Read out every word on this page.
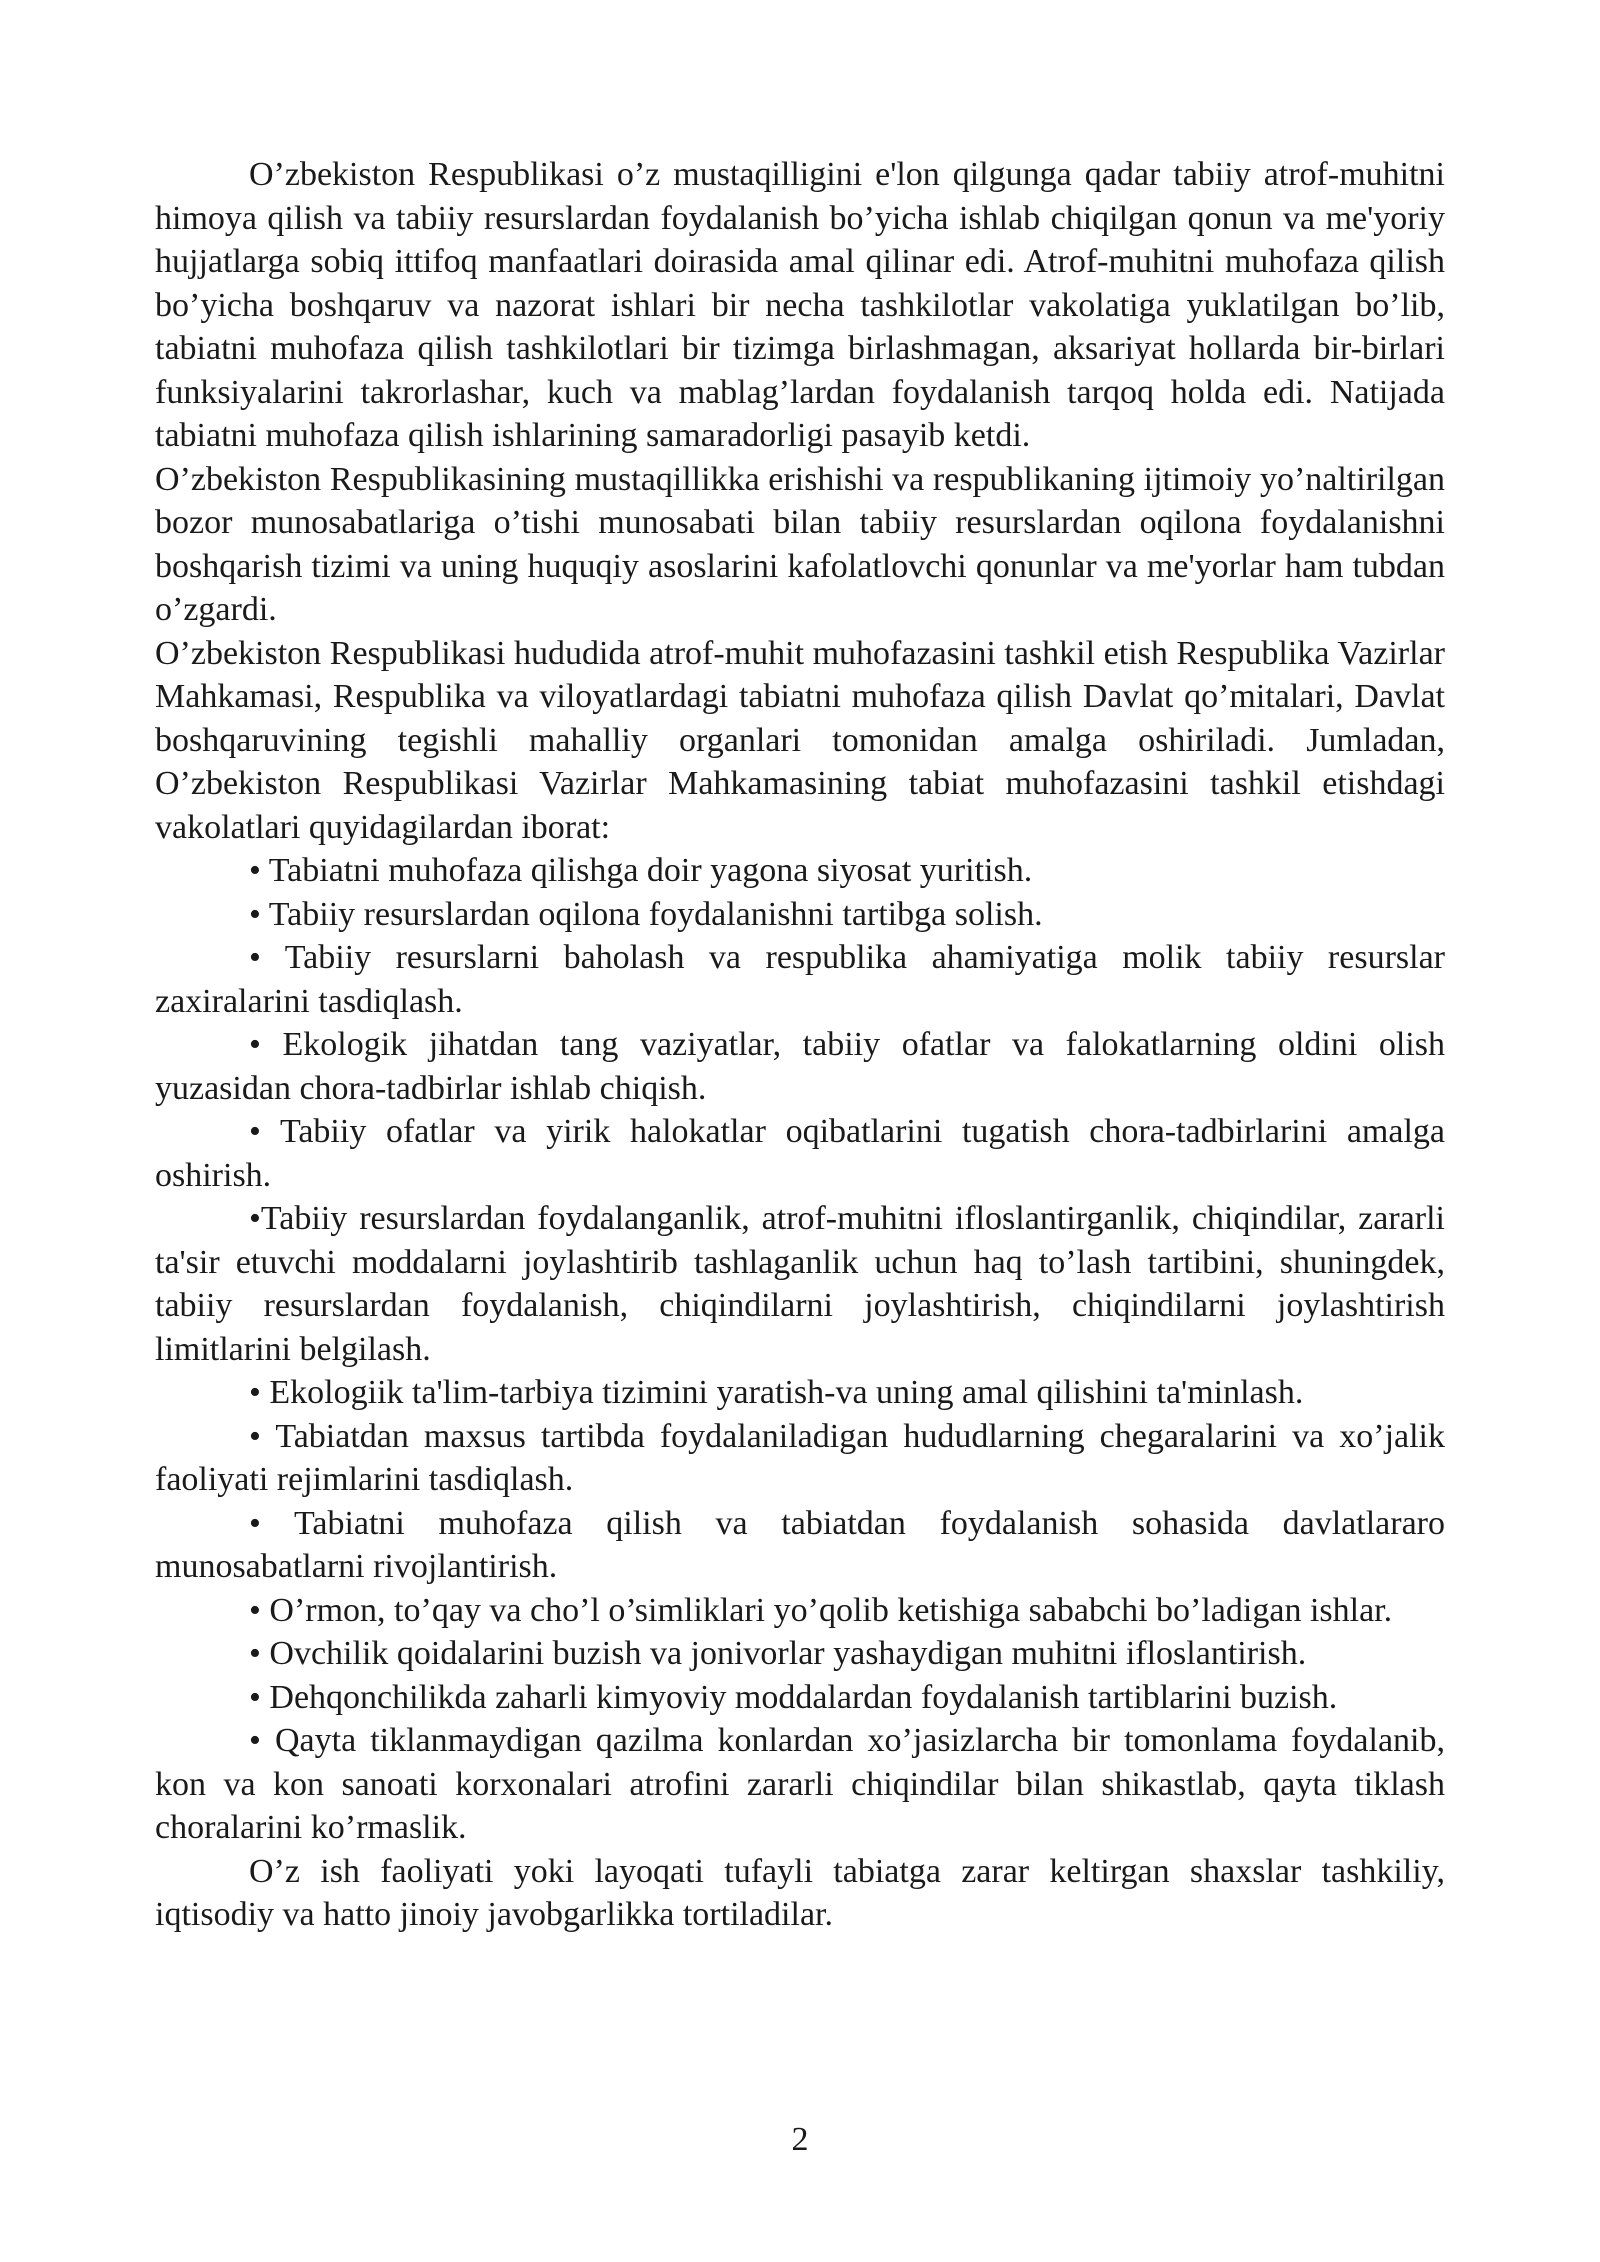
O’zbekiston Respublikasi o’z mustaqilligini e'lon qilgunga qadar tabiiy atrof-muhitni himoya qilish va tabiiy resurslardan foydalanish bo’yicha ishlab chiqilgan qonun va me'yoriy hujjatlarga sobiq ittifoq manfaatlari doirasida amal qilinar edi. Atrof-muhitni muhofaza qilish bo’yicha boshqaruv va nazorat ishlari bir necha tashkilotlar vakolatiga yuklatilgan bo’lib, tabiatni muhofaza qilish tashkilotlari bir tizimga birlashmagan, aksariyat hollarda bir-birlari funksiyalarini takrorlashar, kuch va mablag’lardan foydalanish tarqoq holda edi. Natijada tabiatni muhofaza qilish ishlarining samaradorligi pasayib ketdi.

O’zbekiston Respublikasining mustaqillikka erishishi va respublikaning ijtimoiy yo’naltirilgan bozor munosabatlariga o’tishi munosabati bilan tabiiy resurslardan oqilona foydalanishni boshqarish tizimi va uning huquqiy asoslarini kafolatlovchi qonunlar va me'yorlar ham tubdan o’zgardi.

O’zbekiston Respublikasi hududida atrof-muhit muhofazasini tashkil etish Respublika Vazirlar Mahkamasi, Respublika va viloyatlardagi tabiatni muhofaza qilish Davlat qo’mitalari, Davlat boshqaruvining tegishli mahalliy organlari tomonidan amalga oshiriladi. Jumladan, O’zbekiston Respublikasi Vazirlar Mahkamasining tabiat muhofazasini tashkil etishdagi vakolatlari quyidagilardan iborat:

• Tabiatni muhofaza qilishga doir yagona siyosat yuritish.

• Tabiiy resurslardan oqilona foydalanishni tartibga solish.

• Tabiiy resurslarni baholash va respublika ahamiyatiga molik tabiiy resurslar zaxiralarini tasdiqlash.

• Ekologik jihatdan tang vaziyatlar, tabiiy ofatlar va falokatlarning oldini olish yuzasidan chora-tadbirlar ishlab chiqish.

• Tabiiy ofatlar va yirik halokatlar oqibatlarini tugatish chora-tadbirlarini amalga oshirish.

•Tabiiy resurslardan foydalanganlik, atrof-muhitni ifloslantirganlik, chiqindilar, zararli ta'sir etuvchi moddalarni joylashtirib tashlaganlik uchun haq to’lash tartibini, shuningdek, tabiiy resurslardan foydalanish, chiqindilarni joylashtirish, chiqindilarni joylashtirish limitlarini belgilash.

• Ekologiik ta'lim-tarbiya tizimini yaratish-va uning amal qilishini ta'minlash.

• Tabiatdan maxsus tartibda foydalaniladigan hududlarning chegaralarini va xo’jalik faoliyati rejimlarini tasdiqlash.

• Tabiatni muhofaza qilish va tabiatdan foydalanish sohasida davlatlararo munosabatlarni rivojlantirish.

• O’rmon, to’qay va cho’l o’simliklari yo’qolib ketishiga sababchi bo’ladigan ishlar.

• Ovchilik qoidalarini buzish va jonivorlar yashaydigan muhitni ifloslantirish.

• Dehqonchilikda zaharli kimyoviy moddalardan foydalanish tartiblarini buzish.

• Qayta tiklanmaydigan qazilma konlardan xo’jasizlarcha bir tomonlama foydalanib, kon va kon sanoati korxonalari atrofini zararli chiqindilar bilan shikastlab, qayta tiklash choralarini ko’rmaslik.

O’z ish faoliyati yoki layoqati tufayli tabiatga zarar keltirgan shaxslar tashkiliy, iqtisodiy va hatto jinoiy javobgarlikka tortiladilar.

2
